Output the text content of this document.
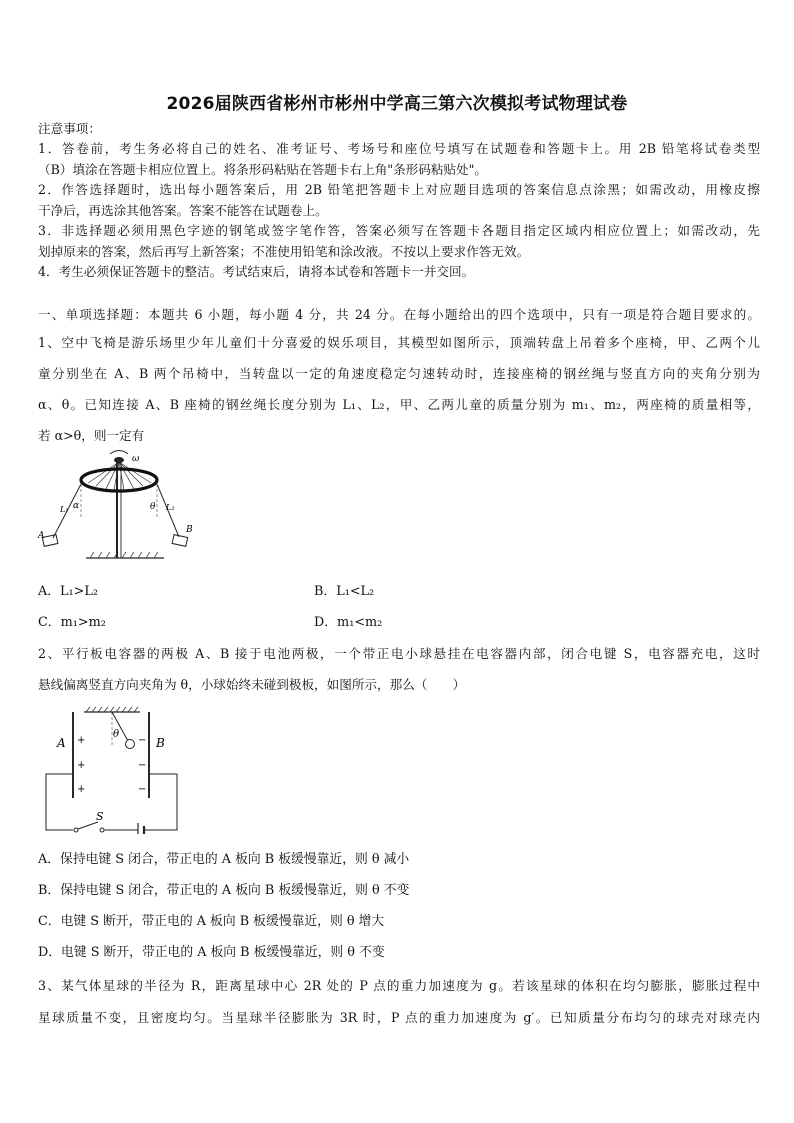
2026届陕西省彬州市彬州中学高三第六次模拟考试物理试卷
注意事项：
1．答卷前，考生务必将自己的姓名、准考证号、考场号和座位号填写在试题卷和答题卡上。用 2B 铅笔将试卷类型
（B）填涂在答题卡相应位置上。将条形码粘贴在答题卡右上角"条形码粘贴处"。
2．作答选择题时，选出每小题答案后，用 2B 铅笔把答题卡上对应题目选项的答案信息点涂黑；如需改动，用橡皮擦
干净后，再选涂其他答案。答案不能答在试题卷上。
3．非选择题必须用黑色字迹的钢笔或签字笔作答，答案必须写在答题卡各题目指定区域内相应位置上；如需改动，先
划掉原来的答案，然后再写上新答案；不准使用铅笔和涂改液。不按以上要求作答无效。
4．考生必须保证答题卡的整洁。考试结束后，请将本试卷和答题卡一并交回。
一、单项选择题：本题共 6 小题，每小题 4 分，共 24 分。在每小题给出的四个选项中，只有一项是符合题目要求的。
1、空中飞椅是游乐场里少年儿童们十分喜爱的娱乐项目，其模型如图所示，顶端转盘上吊着多个座椅，甲、乙两个儿
童分别坐在 A、B 两个吊椅中，当转盘以一定的角速度稳定匀速转动时，连接座椅的钢丝绳与竖直方向的夹角分别为
α、θ。已知连接 A、B 座椅的钢丝绳长度分别为 L₁、L₂，甲、乙两儿童的质量分别为 m₁、m₂，两座椅的质量相等，
若 α>θ，则一定有
ω
α
L₁
A
θ L₂
B
A．L₁>L₂	B．L₁<L₂
C．m₁>m₂	D．m₁<m₂
2、平行板电容器的两极 A、B 接于电池两极，一个带正电小球悬挂在电容器内部，闭合电键 S，电容器充电，这时
悬线偏离竖直方向夹角为 θ，小球始终未碰到极板，如图所示，那么（　　）
A	B
+
+
+
−
−
−
θ
S
A．保持电键 S 闭合，带正电的 A 板向 B 板缓慢靠近，则 θ 减小
B．保持电键 S 闭合，带正电的 A 板向 B 板缓慢靠近，则 θ 不变
C．电键 S 断开，带正电的 A 板向 B 板缓慢靠近，则 θ 增大
D．电键 S 断开，带正电的 A 板向 B 板缓慢靠近，则 θ 不变
3、某气体星球的半径为 R，距离星球中心 2R 处的 P 点的重力加速度为 g。若该星球的体积在均匀膨胀，膨胀过程中
星球质量不变，且密度均匀。当星球半径膨胀为 3R 时，P 点的重力加速度为 g′。已知质量分布均匀的球壳对球壳内
